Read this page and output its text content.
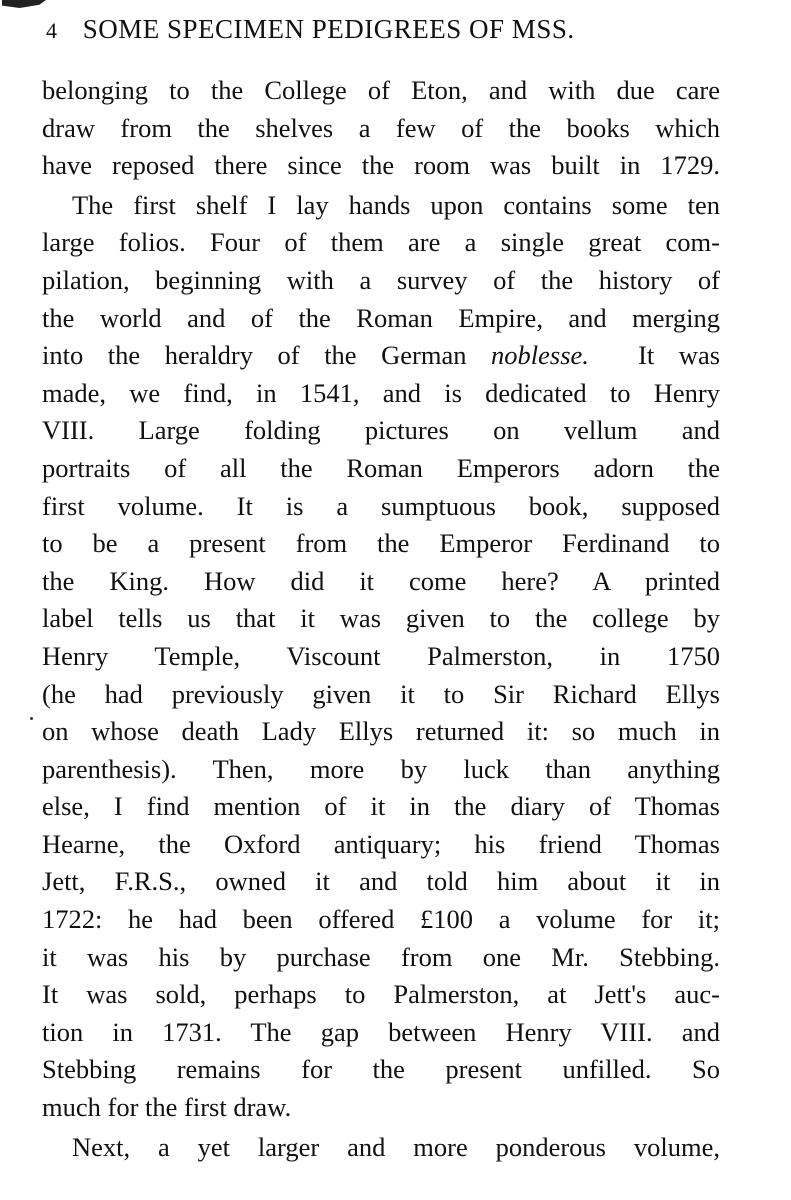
4 SOME SPECIMEN PEDIGREES OF MSS.
belonging to the College of Eton, and with due care
draw from the shelves a few of the books which
have reposed there since the room was built in 1729.
The first shelf I lay hands upon contains some ten
large folios. Four of them are a single great com-
pilation, beginning with a survey of the history of
the world and of the Roman Empire, and merging
into the heraldry of the German noblesse. It was
made, we find, in 1541, and is dedicated to Henry
VIII. Large folding pictures on vellum and
portraits of all the Roman Emperors adorn the
first volume. It is a sumptuous book, supposed
to be a present from the Emperor Ferdinand to
the King. How did it come here? A printed
label tells us that it was given to the college by
Henry Temple, Viscount Palmerston, in 1750
(he had previously given it to Sir Richard Ellys
on whose death Lady Ellys returned it: so much in
parenthesis). Then, more by luck than anything
else, I find mention of it in the diary of Thomas
Hearne, the Oxford antiquary; his friend Thomas
Jett, F.R.S., owned it and told him about it in
1722: he had been offered £100 a volume for it;
it was his by purchase from one Mr. Stebbing.
It was sold, perhaps to Palmerston, at Jett's auc-
tion in 1731. The gap between Henry VIII. and
Stebbing remains for the present unfilled. So
much for the first draw.
Next, a yet larger and more ponderous volume,
